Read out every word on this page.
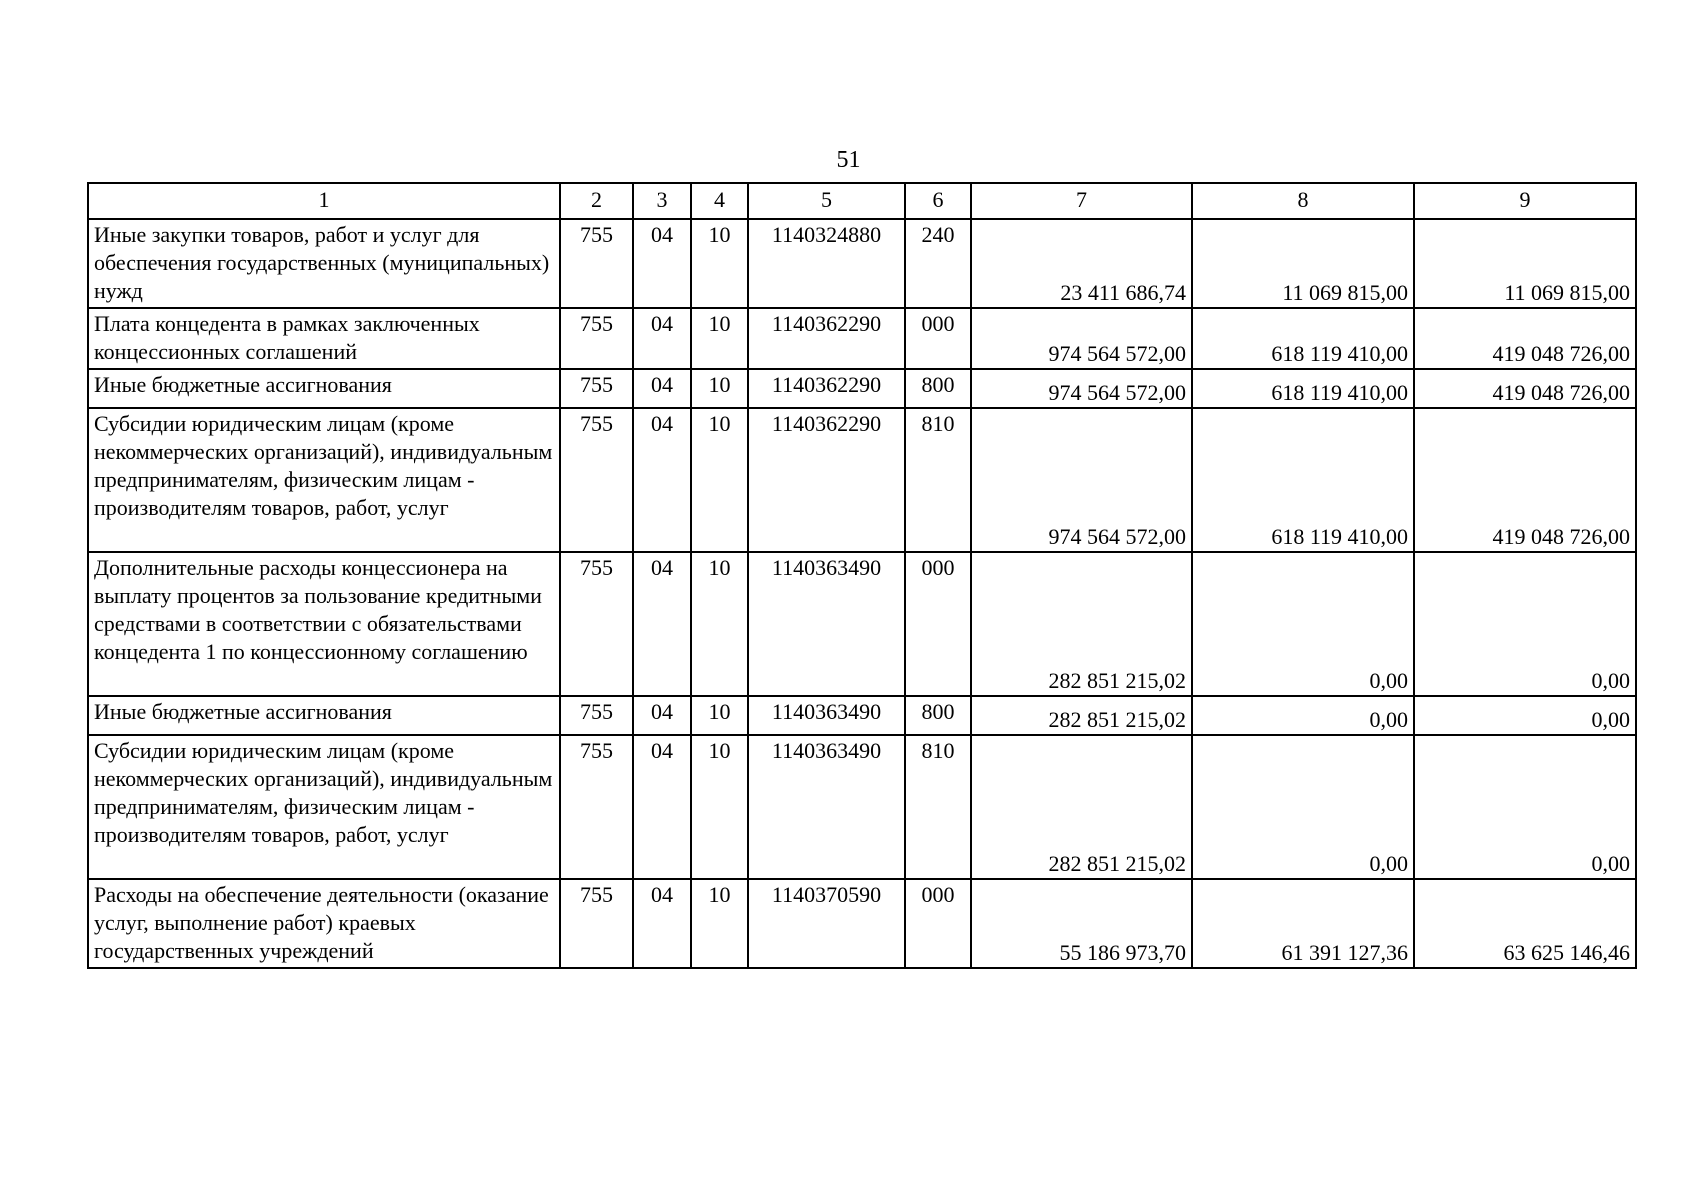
51
1	2	3	4	5	6	7	8	9
Иные закупки товаров, работ и услуг для обеспечения государственных (муниципальных) нужд	755	04	10	1140324880	240	23 411 686,74	11 069 815,00	11 069 815,00
Плата концедента в рамках заключенных концессионных соглашений	755	04	10	1140362290	000	974 564 572,00	618 119 410,00	419 048 726,00
Иные бюджетные ассигнования	755	04	10	1140362290	800	974 564 572,00	618 119 410,00	419 048 726,00
Субсидии юридическим лицам (кроме некоммерческих организаций), индивидуальным предпринимателям, физическим лицам - производителям товаров, работ, услуг	755	04	10	1140362290	810	974 564 572,00	618 119 410,00	419 048 726,00
Дополнительные расходы концессионера на выплату процентов за пользование кредитными средствами в соответствии с обязательствами концедента 1 по концессионному соглашению	755	04	10	1140363490	000	282 851 215,02	0,00	0,00
Иные бюджетные ассигнования	755	04	10	1140363490	800	282 851 215,02	0,00	0,00
Субсидии юридическим лицам (кроме некоммерческих организаций), индивидуальным предпринимателям, физическим лицам - производителям товаров, работ, услуг	755	04	10	1140363490	810	282 851 215,02	0,00	0,00
Расходы на обеспечение деятельности (оказание услуг, выполнение работ) краевых государственных учреждений	755	04	10	1140370590	000	55 186 973,70	61 391 127,36	63 625 146,46
